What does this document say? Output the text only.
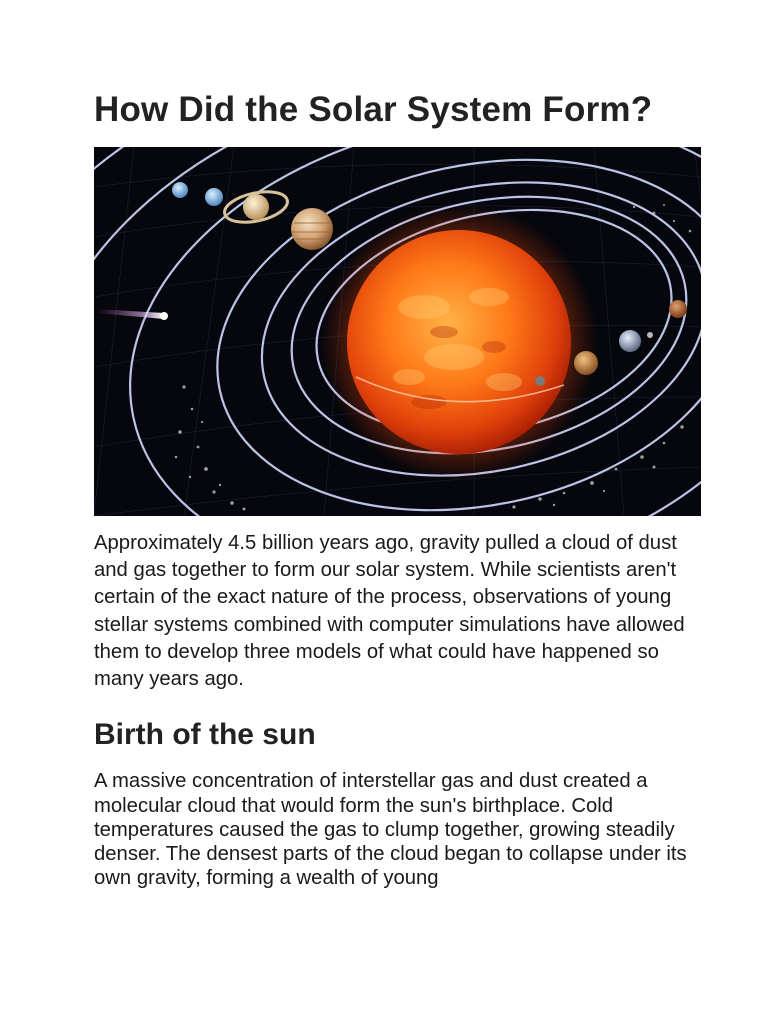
How Did the Solar System Form?

Approximately 4.5 billion years ago, gravity pulled a cloud of dust and gas together to form our solar system. While scientists aren't certain of the exact nature of the process, observations of young stellar systems combined with computer simulations have allowed them to develop three models of what could have happened so many years ago.

Birth of the sun

A massive concentration of interstellar gas and dust created a molecular cloud that would form the sun's birthplace. Cold temperatures caused the gas to clump together, growing steadily denser. The densest parts of the cloud began to collapse under its own gravity, forming a wealth of young
